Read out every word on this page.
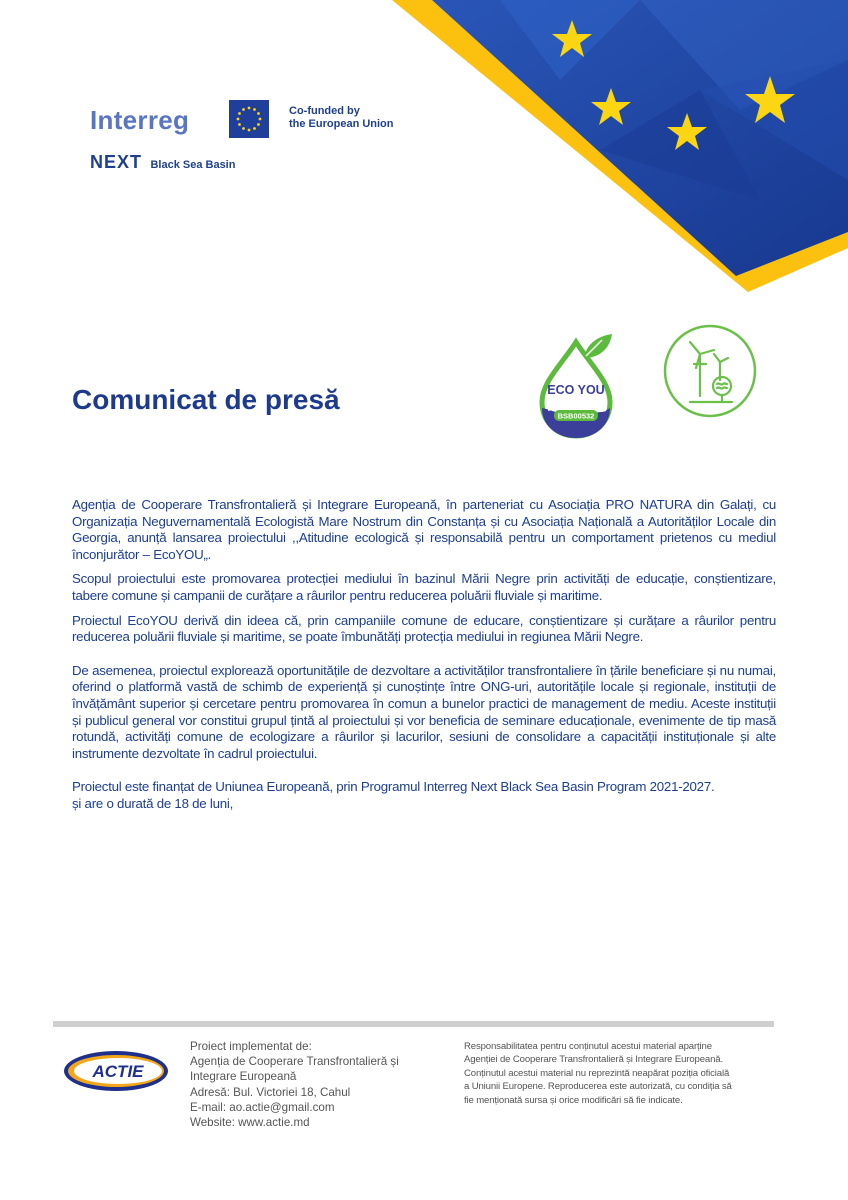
Interreg	Co-funded by
the European Union
NEXT Black Sea Basin
Comunicat de presă	ECO YOU
BSB00532

Agenția de Cooperare Transfrontalieră și Integrare Europeană, în parteneriat cu Asociația PRO NATURA din Galați, cu Organizația Neguvernamentală Ecologistă Mare Nostrum din Constanța și cu Asociația Națională a Autorităților Locale din Georgia, anunță lansarea proiectului ,,Atitudine ecologică și responsabilă pentru un comportament prietenos cu mediul înconjurător – EcoYOU„.

Scopul proiectului este promovarea protecției mediului în bazinul Mării Negre prin activități de educație, conștientizare, tabere comune și campanii de curățare a râurilor pentru reducerea poluării fluviale și maritime.

Proiectul EcoYOU derivă din ideea că, prin campaniile comune de educare, conștientizare și curățare a râurilor pentru reducerea poluării fluviale și maritime, se poate îmbunătăți protecția mediului in regiunea Mării Negre.

De asemenea, proiectul explorează oportunitățile de dezvoltare a activităților transfrontaliere în țările beneficiare și nu numai, oferind o platformă vastă de schimb de experiență și cunoștințe între ONG-uri, autoritățile locale și regionale, instituții de învățământ superior și cercetare pentru promovarea în comun a bunelor practici de management de mediu. Aceste instituții și publicul general vor constitui grupul țintă al proiectului și vor beneficia de seminare educaționale, evenimente de tip masă rotundă, activități comune de ecologizare a râurilor și lacurilor, sesiuni de consolidare a capacității instituționale și alte instrumente dezvoltate în cadrul proiectului.

Proiectul este finanțat de Uniunea Europeană, prin Programul Interreg Next Black Sea Basin Program 2021-2027.
și are o durată de 18 de luni,

ACTIE
Proiect implementat de:
Agenția de Cooperare Transfrontalieră și
Integrare Europeană
Adresă: Bul. Victoriei 18, Cahul
E-mail: ao.actie@gmail.com
Website: www.actie.md
Responsabilitatea pentru conținutul acestui material aparține
Agenției de Cooperare Transfrontalieră și Integrare Europeană.
Conținutul acestui material nu reprezintă neapărat poziția oficială
a Uniunii Europene. Reproducerea este autorizată, cu condiția să
fie menționată sursa și orice modificări să fie indicate.
